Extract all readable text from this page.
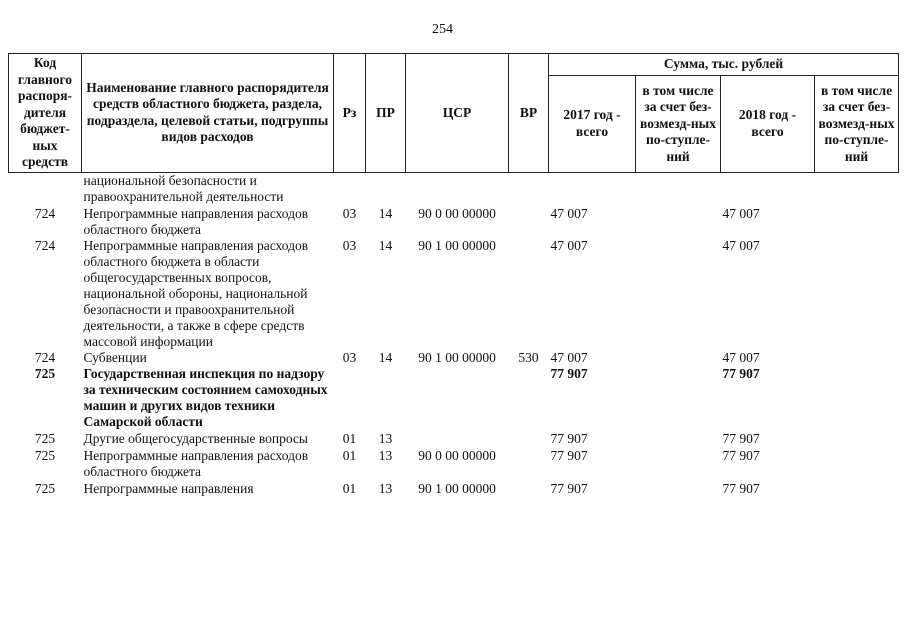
254
Код главного распоря-дителя бюджет-ных средств	Наименование главного распорядителя средств областного бюджета, раздела, подраздела, целевой статьи, подгруппы видов расходов	Рз	ПР	ЦСР	ВР	Сумма, тыс. рублей			
						2017 год - всего	в том числе за счет без-возмезд-ных по-ступле-ний	2018 год - всего	в том числе за счет без-возмезд-ных по-ступле-ний
	национальной безопасности и правоохранительной деятельности								
724	Непрограммные направления расходов областного бюджета	03	14	90 0 00 00000		47 007		47 007	
724	Непрограммные направления расходов областного бюджета в области общегосударственных вопросов, национальной обороны, национальной безопасности и правоохранительной деятельности, а также в сфере средств массовой информации	03	14	90 1 00 00000		47 007		47 007	
724	Субвенции	03	14	90 1 00 00000	530	47 007		47 007	
725	Государственная инспекция по надзору за техническим состоянием самоходных машин и других видов техники Самарской области					77 907		77 907	
725	Другие общегосударственные вопросы	01	13			77 907		77 907	
725	Непрограммные направления расходов областного бюджета	01	13	90 0 00 00000		77 907		77 907	
725	Непрограммные направления	01	13	90 1 00 00000		77 907		77 907	
